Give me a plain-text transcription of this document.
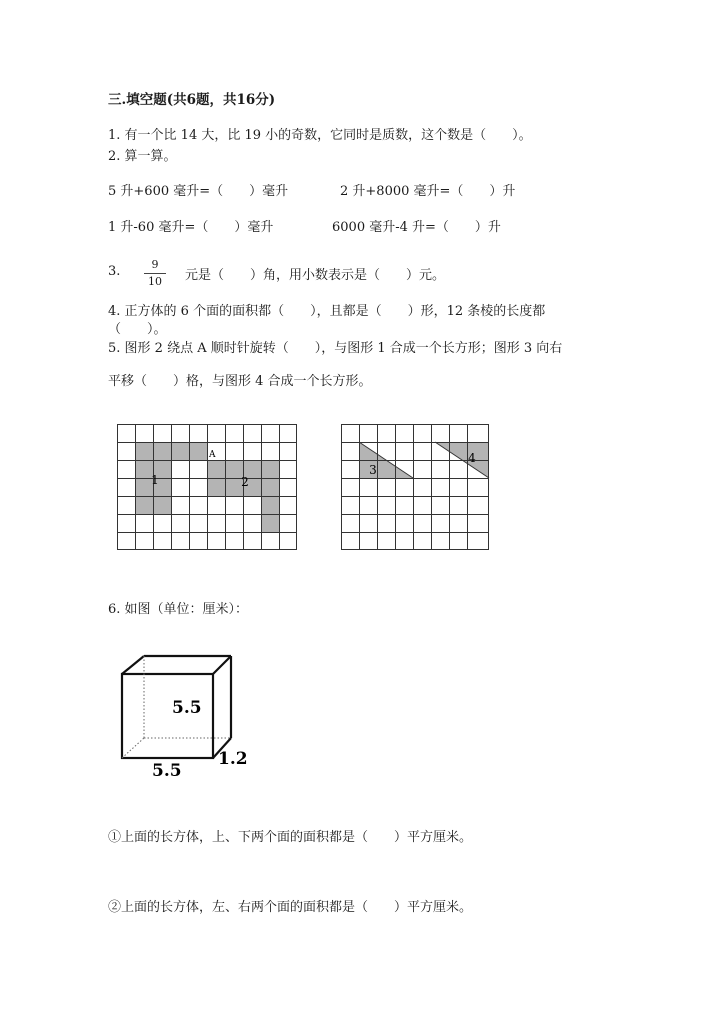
三.填空题(共6题，共16分)
1. 有一个比 14 大，比 19 小的奇数，它同时是质数，这个数是（　　）。
2. 算一算。
5 升+600 毫升=（　　）毫升	2 升+8000 毫升=（　　）升
1 升-60 毫升=（　　）毫升	6000 毫升-4 升=（　　）升
3.	9
10	元是（　　）角，用小数表示是（　　）元。
4. 正方体的 6 个面的面积都（　　），且都是（　　）形，12 条棱的长度都
（　　）。
5. 图形 2 绕点 A 顺时针旋转（　　），与图形 1 合成一个长方形；图形 3 向右
平移（　　）格，与图形 4 合成一个长方形。
1	2
A
3
4
6. 如图（单位：厘米）：
5.5
5.5
1.2
①上面的长方体，上、下两个面的面积都是（　　）平方厘米。
②上面的长方体，左、右两个面的面积都是（　　）平方厘米。
